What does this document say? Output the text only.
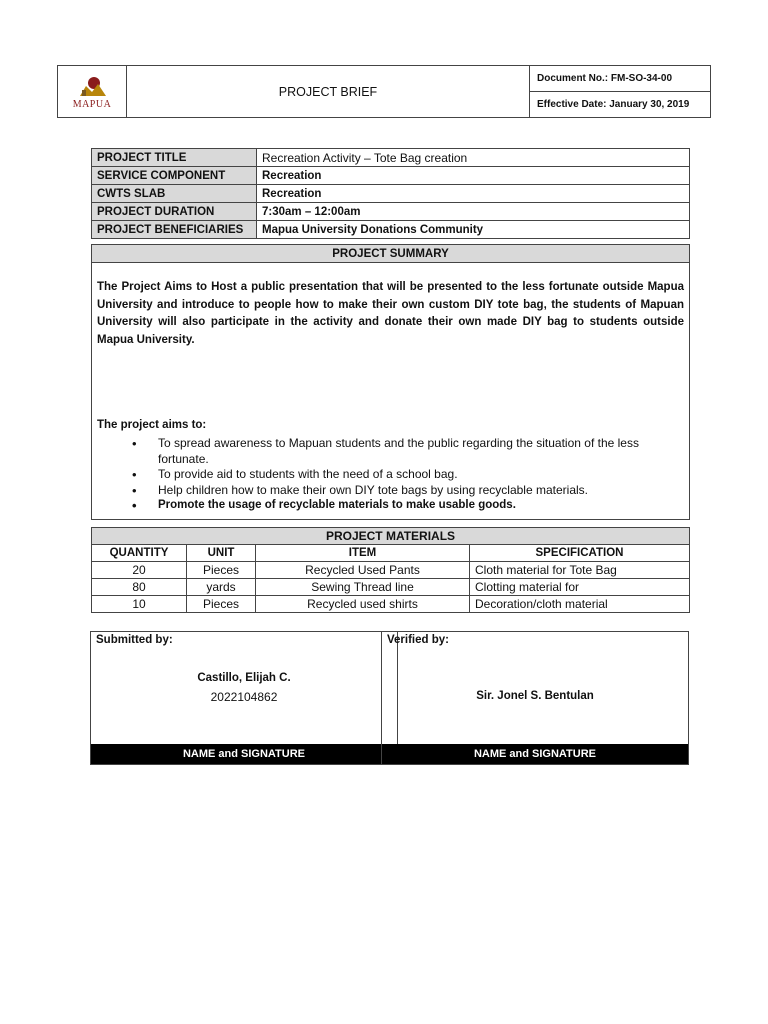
MAPUA
PROJECT BRIEF
Document No.: FM-SO-34-00
Effective Date: January 30, 2019
PROJECT TITLE	Recreation Activity – Tote Bag creation
SERVICE COMPONENT	Recreation
CWTS SLAB	Recreation
PROJECT DURATION	7:30am – 12:00am
PROJECT BENEFICIARIES	Mapua University Donations Community
PROJECT SUMMARY

The Project Aims to Host a public presentation that will be presented to the less fortunate outside Mapua University and introduce to people how to make their own custom DIY tote bag, the students of Mapuan University will also participate in the activity and donate their own made DIY bag to students outside Mapua University.

The project aims to:
• To spread awareness to Mapuan students and the public regarding the situation of the less fortunate.
• To provide aid to students with the need of a school bag.
• Help children how to make their own DIY tote bags by using recyclable materials.
• Promote the usage of recyclable materials to make usable goods.
PROJECT MATERIALS			
QUANTITY	UNIT	ITEM	SPECIFICATION
20	Pieces	Recycled Used Pants	Cloth material for Tote Bag
80	yards	Sewing Thread line	Clotting material for
10	Pieces	Recycled used shirts	Decoration/cloth material
Submitted by:
Castillo, Elijah C.
2022104862
NAME and SIGNATURE
Verified by:
Sir. Jonel S. Bentulan
NAME and SIGNATURE
